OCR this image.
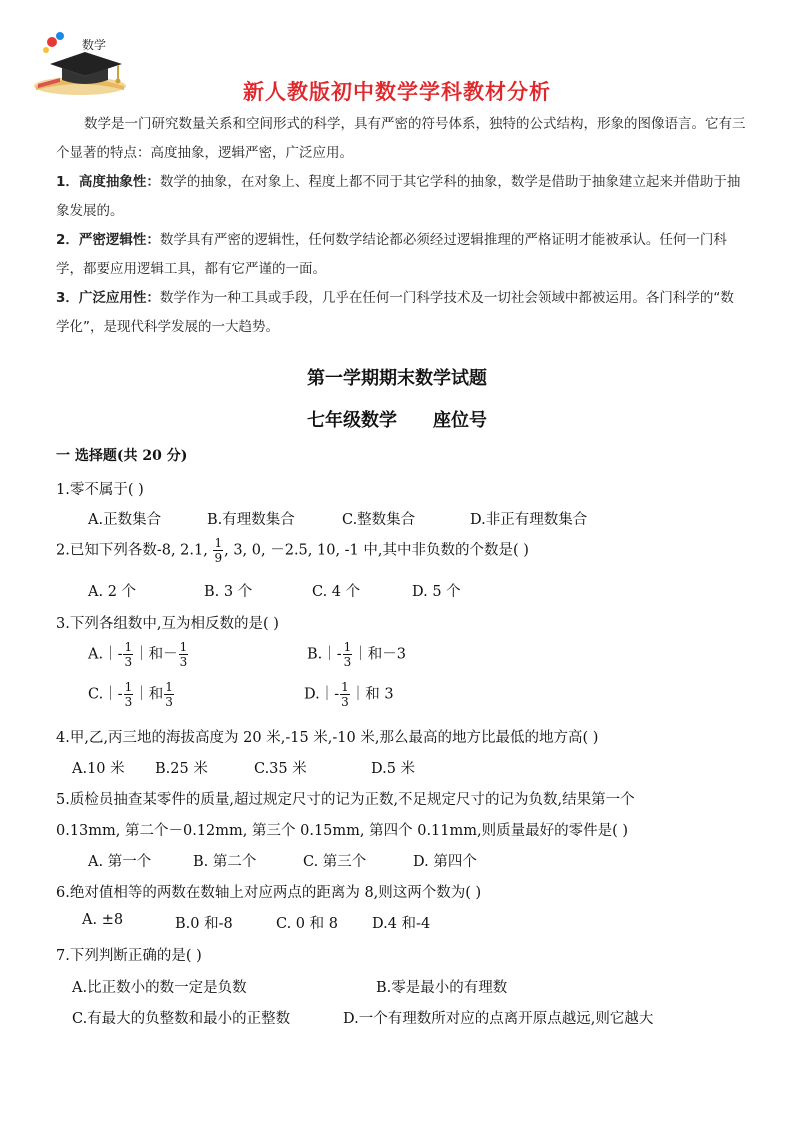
数学
新人教版初中数学学科教材分析
数学是一门研究数量关系和空间形式的科学，具有严密的符号体系，独特的公式结构，形象的图像语言。它有三个显著的特点：高度抽象，逻辑严密，广泛应用。
1．高度抽象性：数学的抽象，在对象上、程度上都不同于其它学科的抽象，数学是借助于抽象建立起来并借助于抽象发展的。
2．严密逻辑性：数学具有严密的逻辑性，任何数学结论都必须经过逻辑推理的严格证明才能被承认。任何一门科学，都要应用逻辑工具，都有它严谨的一面。
3．广泛应用性：数学作为一种工具或手段，几乎在任何一门科学技术及一切社会领域中都被运用。各门科学的“数学化”，是现代科学发展的一大趋势。
第一学期期末数学试题
七年级数学　　座位号
一 选择题(共 20 分)
1.零不属于( )
A.正数集合	B.有理数集合	C.整数集合	D.非正有理数集合
2.已知下列各数-8, 2.1, $\frac{1}{9}$ , 3, 0, －2.5, 10, -1 中,其中非负数的个数是( )
A. 2 个	B. 3 个	C. 4 个	D. 5 个
3.下列各组数中,互为相反数的是( )
A.｜- $\frac{1}{3}$ ｜和－ $\frac{1}{3}$	B.｜- $\frac{1}{3}$ ｜和－3
C.｜- $\frac{1}{3}$ ｜和 $\frac{1}{3}$	D.｜- $\frac{1}{3}$ ｜和 3
4.甲,乙,丙三地的海拔高度为 20 米,-15 米,-10 米,那么最高的地方比最低的地方高( )
A.10 米 B.25 米	C.35 米	D.5 米
5.质检员抽查某零件的质量,超过规定尺寸的记为正数,不足规定尺寸的记为负数,结果第一个
0.13mm, 第二个－0.12mm, 第三个 0.15mm, 第四个 0.11mm,则质量最好的零件是( )
A. 第一个	B. 第二个	C. 第三个	D. 第四个
6.绝对值相等的两数在数轴上对应两点的距离为 8,则这两个数为( )
A. ±8	B.0 和-8	C. 0 和 8 D.4 和-4
7.下列判断正确的是( )
A.比正数小的数一定是负数	B.零是最小的有理数
C.有最大的负整数和最小的正整数	D.一个有理数所对应的点离开原点越远,则它越大
